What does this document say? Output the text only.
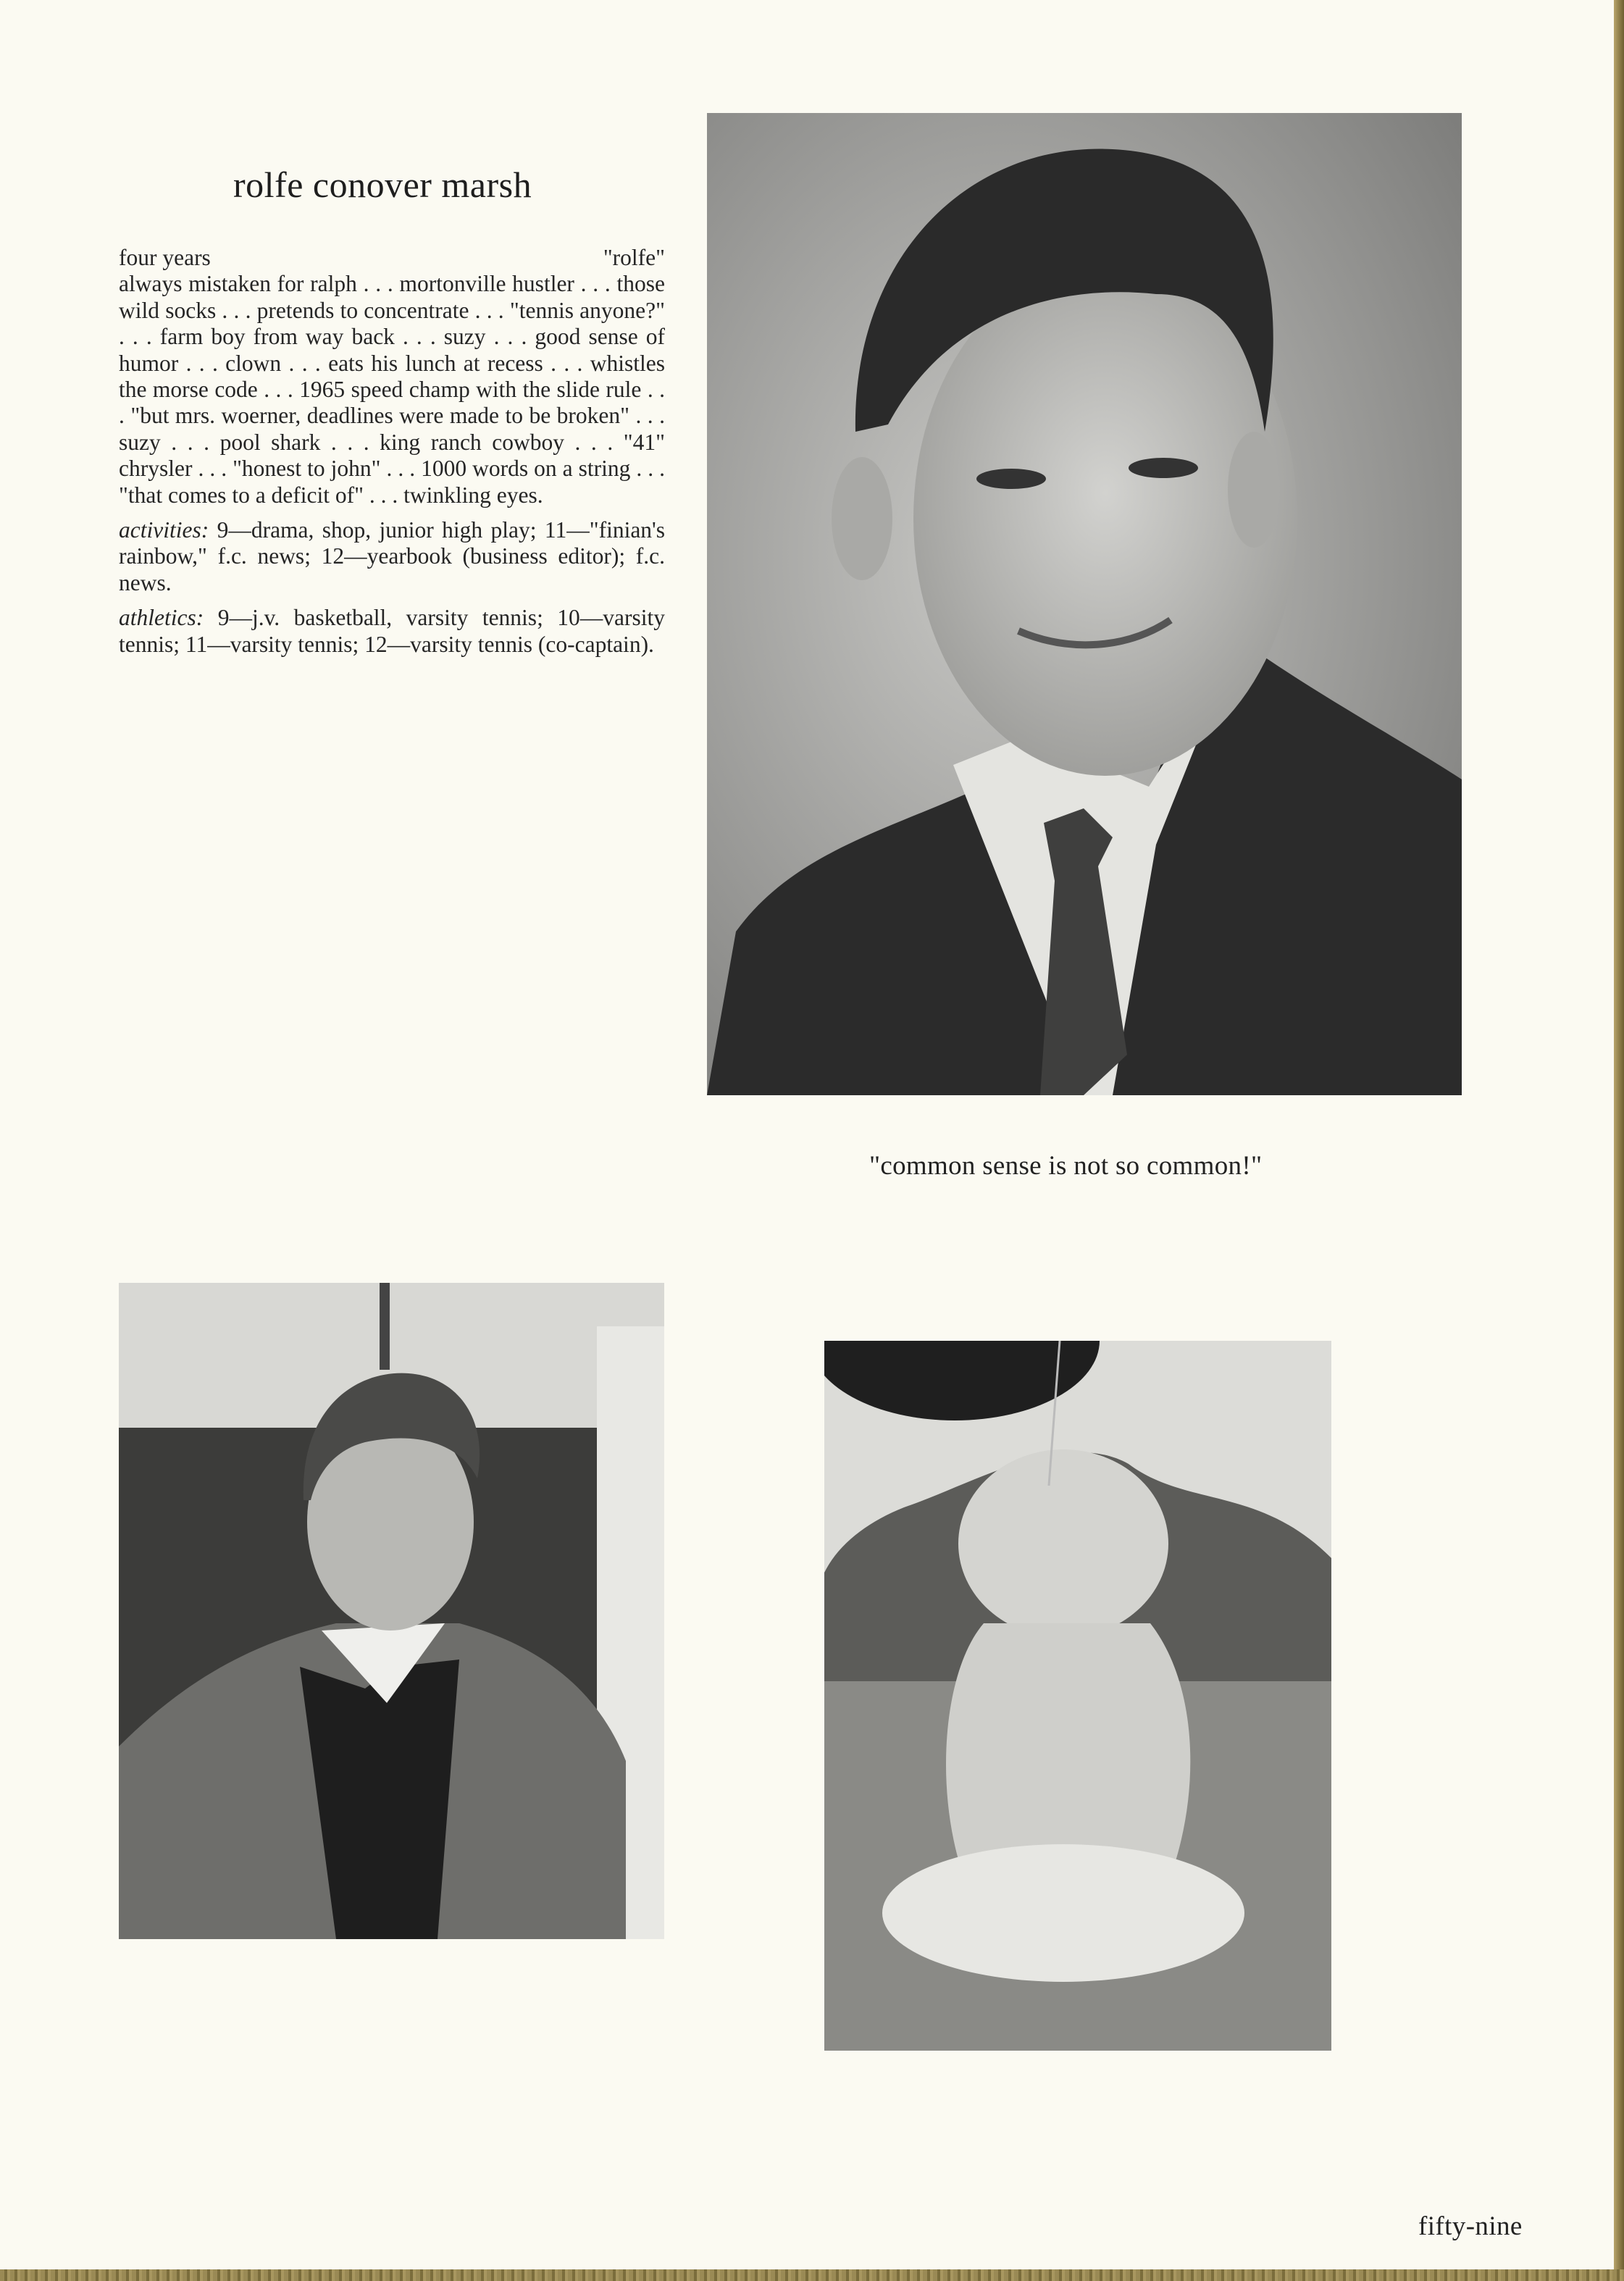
rolfe conover marsh
four years	"rolfe"

always mistaken for ralph . . . mortonville hustler . . . those wild socks . . . pretends to concentrate . . . "tennis anyone?" . . . farm boy from way back . . . suzy . . . good sense of humor . . . clown . . . eats his lunch at recess . . . whistles the morse code . . . 1965 speed champ with the slide rule . . . "but mrs. woerner, deadlines were made to be broken" . . . suzy . . . pool shark . . . king ranch cowboy . . . "41" chrysler . . . "honest to john" . . . 1000 words on a string . . . "that comes to a deficit of" . . . twinkling eyes.

activities: 9—drama, shop, junior high play; 11—"finian's rainbow," f.c. news; 12—yearbook (business editor); f.c. news.

athletics: 9—j.v. basketball, varsity tennis; 10—varsity tennis; 11—varsity tennis; 12—varsity tennis (co-captain).

"common sense is not so common!"
fifty-nine
